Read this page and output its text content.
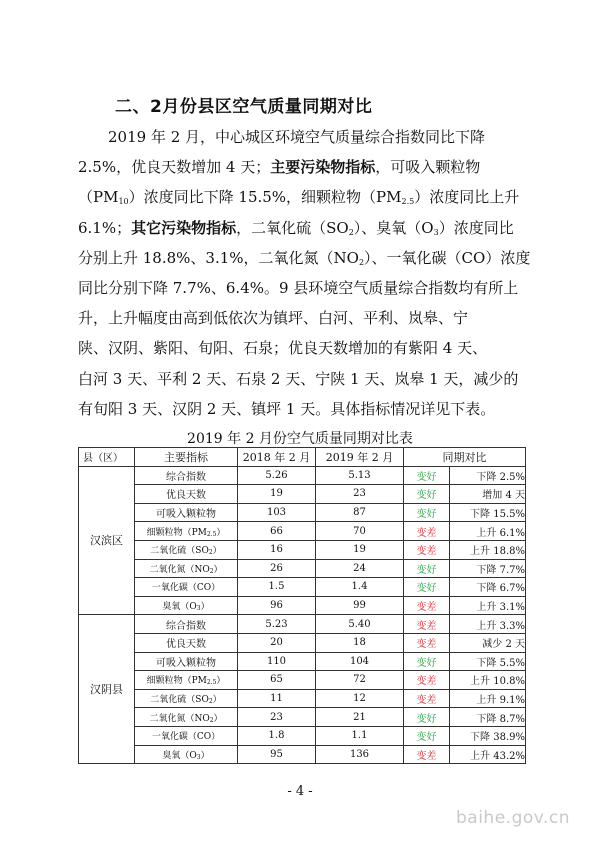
二、2月份县区空气质量同期对比
2019 年 2 月，中心城区环境空气质量综合指数同比下降
2.5%，优良天数增加 4 天；主要污染物指标，可吸入颗粒物
$(PM_{10})$浓度同比下降 15.5%，细颗粒物$(PM_{2.5})$浓度同比上升
6.1%；其它污染物指标，二氧化硫$(SO_2)$、臭氧$(O_3)$浓度同比
分别上升 18.8%、3.1%，二氧化氮$(NO_2)$、一氧化碳（CO）浓度
同比分别下降 7.7%、6.4%。9 县环境空气质量综合指数均有所上
升，上升幅度由高到低依次为镇坪、白河、平利、岚皋、宁
陕、汉阴、紫阳、旬阳、石泉；优良天数增加的有紫阳 4 天、
白河 3 天、平利 2 天、石泉 2 天、宁陕 1 天、岚皋 1 天，减少的
有旬阳 3 天、汉阴 2 天、镇坪 1 天。具体指标情况详见下表。
2019 年 2 月份空气质量同期对比表
县（区）	主要指标	2018 年 2 月	2019 年 2 月	同期对比	
汉滨区	综合指数	5.26	5.13	变好	下降 2.5%
	优良天数	19	23	变好	增加 4 天
	可吸入颗粒物	103	87	变好	下降 15.5%
	细颗粒物$(PM_{2.5})$	66	70	变差	上升 6.1%
	二氧化硫$(SO_2)$	16	19	变差	上升 18.8%
	二氧化氮$(NO_2)$	26	24	变好	下降 7.7%
	一氧化碳（CO）	1.5	1.4	变好	下降 6.7%
	臭氧$(O_3)$	96	99	变差	上升 3.1%
汉阴县	综合指数	5.23	5.40	变差	上升 3.3%
	优良天数	20	18	变差	减少 2 天
	可吸入颗粒物	110	104	变好	下降 5.5%
	细颗粒物$(PM_{2.5})$	65	72	变差	上升 10.8%
	二氧化硫$(SO_2)$	11	12	变差	上升 9.1%
	二氧化氮$(NO_2)$	23	21	变好	下降 8.7%
	一氧化碳（CO）	1.8	1.1	变好	下降 38.9%
	臭氧$(O_3)$	95	136	变差	上升 43.2%
- 4 -
baihe.gov.cn
